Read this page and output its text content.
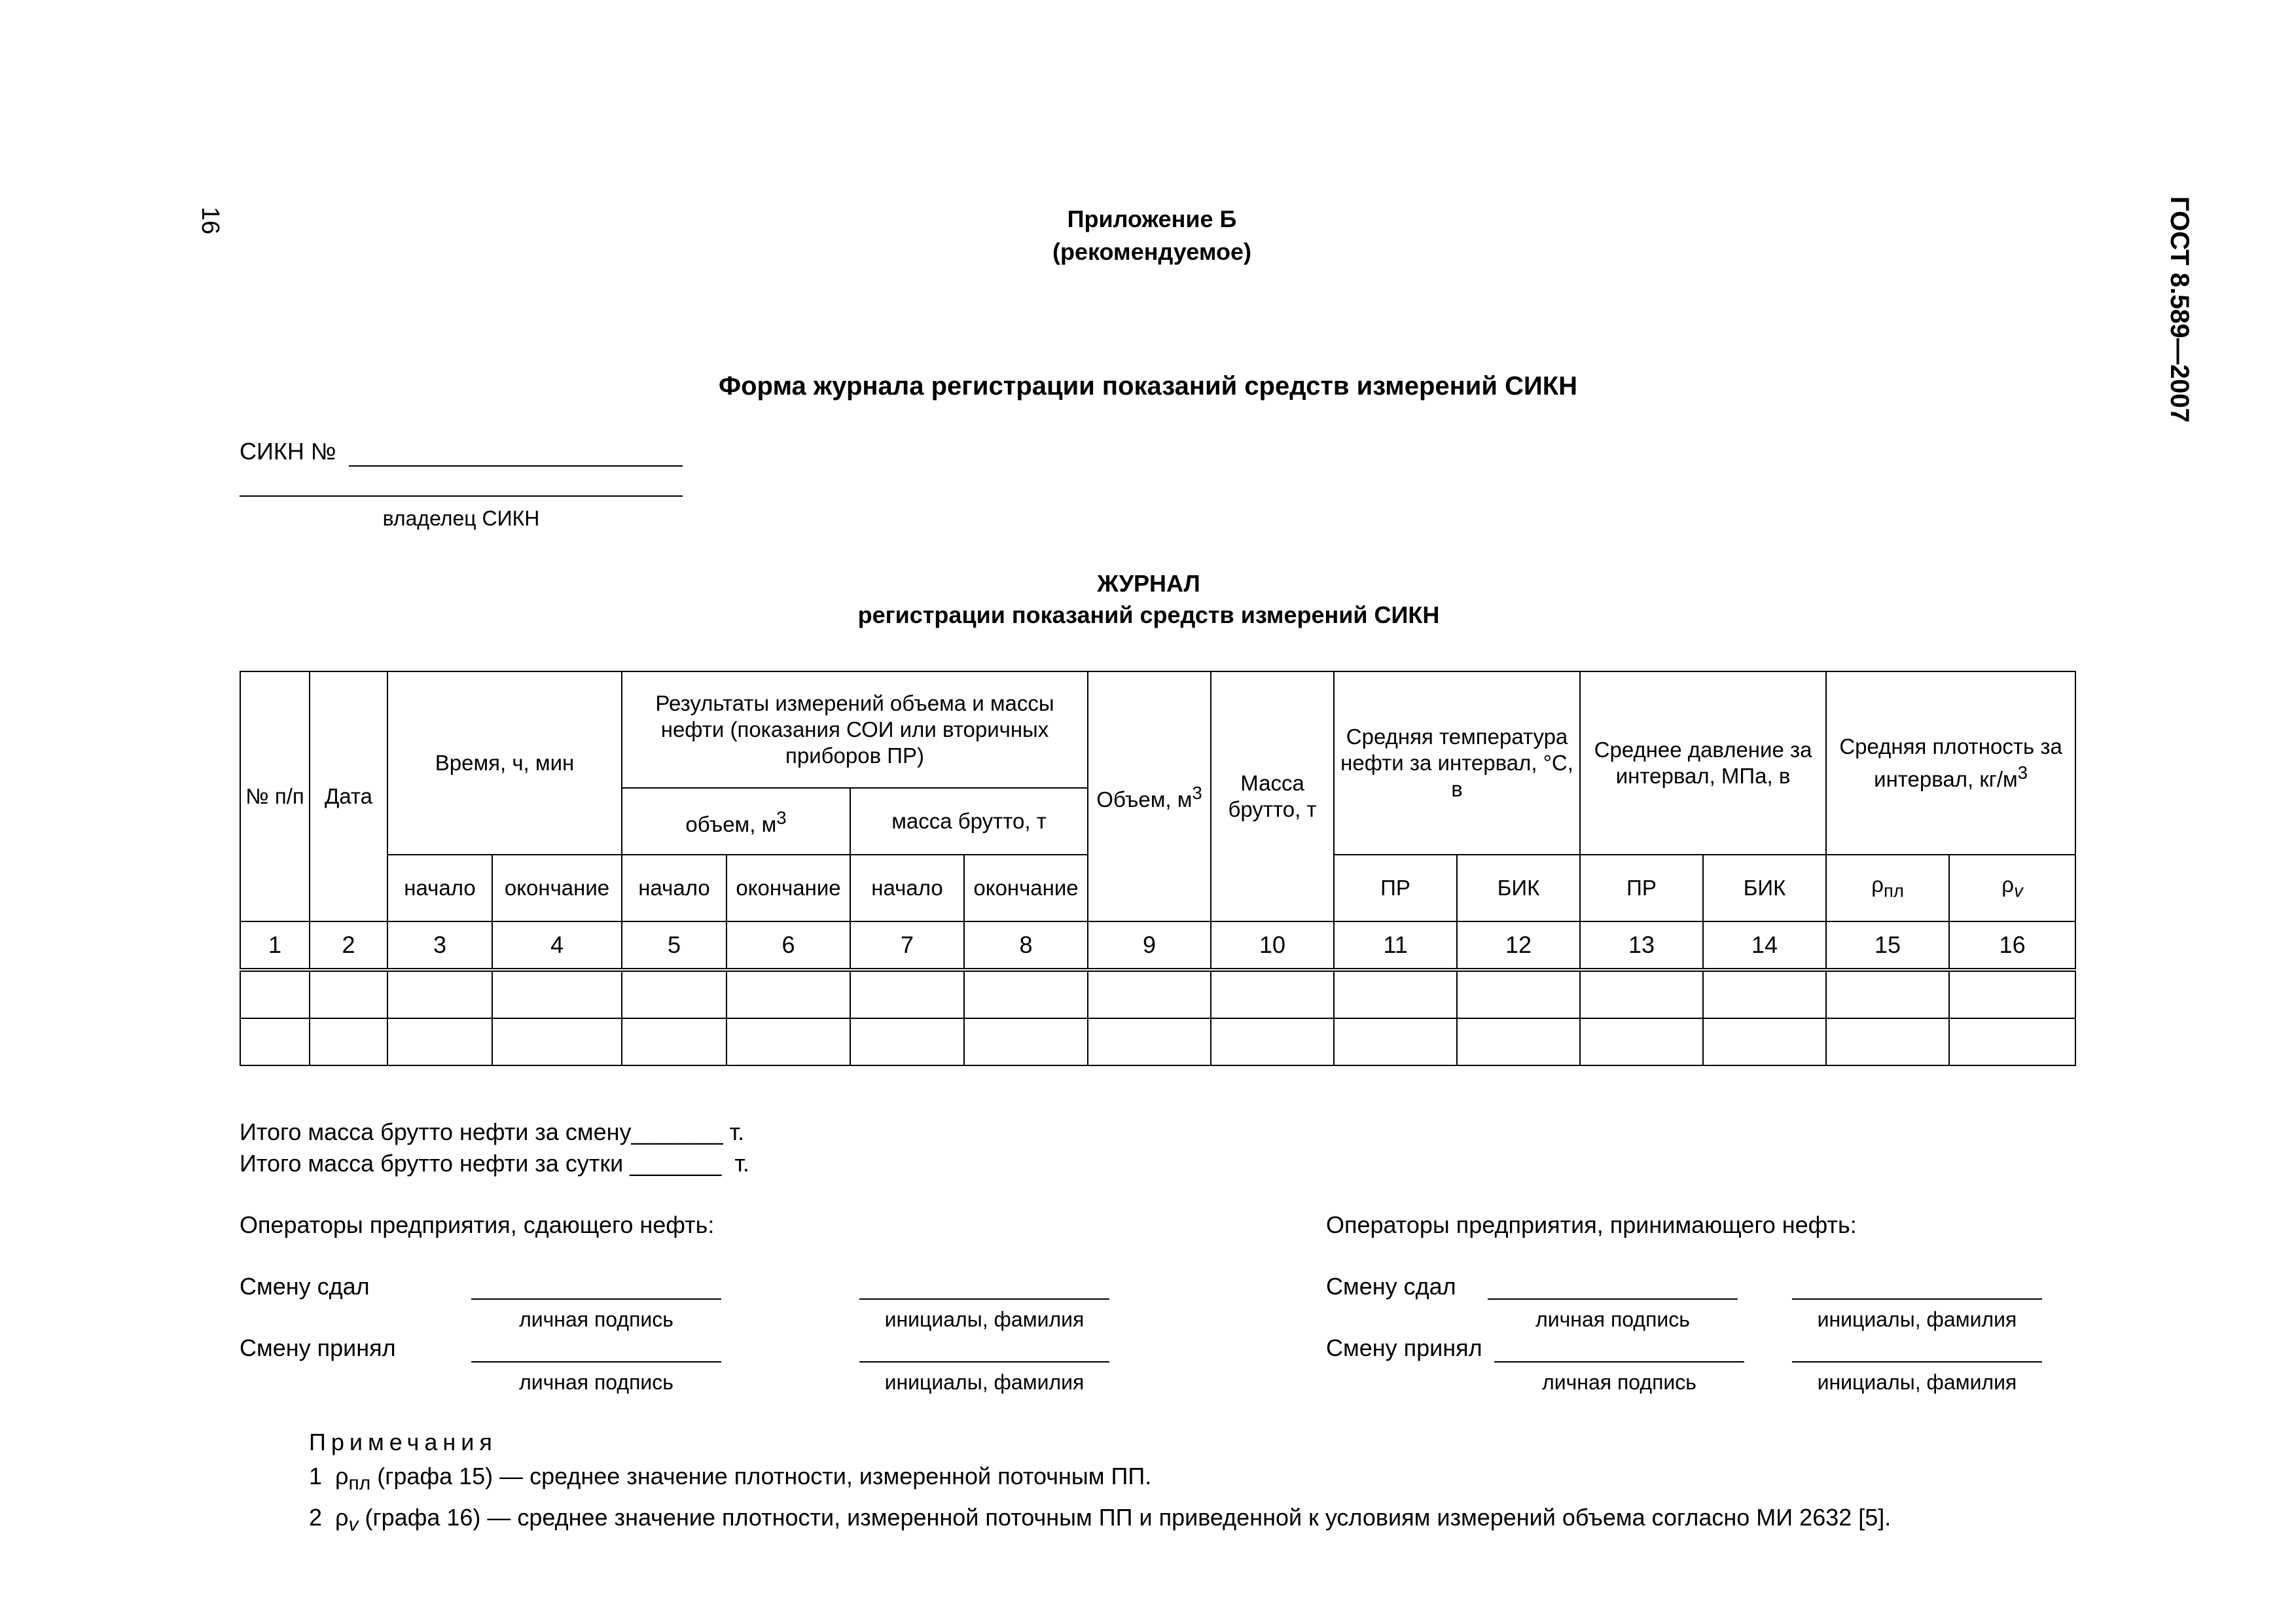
16	ГОСТ 8.589—2007
Приложение Б
(рекомендуемое)
Форма журнала регистрации показаний средств измерений СИКН
СИКН №
владелец СИКН
ЖУРНАЛ
регистрации показаний средств измерений СИКН
№ п/п	Дата	Время, ч, мин		Результаты измерений объема и массы нефти (показания СОИ или вторичных приборов ПР)				Объем, $м^3$	Масса брутто, т	Средняя температура нефти за интервал, °С, в		Среднее давление за интервал, МПа, в		Средняя плотность за интервал, $кг/м^3$
				объем, $м^3$		масса брутто, т									
		начало	окончание	начало	окончание	начало	окончание			ПР	БИК	ПР	БИК	$\rho_{пл}$	$\rho_v$
1	2	3	4	5	6	7	8	9	10	11	12	13	14	15	16

Итого масса брутто нефти за смену_______ т.
Итого масса брутто нефти за сутки _______ т.
Операторы предприятия, сдающего нефть:
Смену сдал
личная подпись	инициалы, фамилия
Смену принял
личная подпись	инициалы, фамилия
Операторы предприятия, принимающего нефть:
Смену сдал
личная подпись	инициалы, фамилия
Смену принял
личная подпись	инициалы, фамилия
Примечания
1 $\rho_{пл}$ (графа 15) — среднее значение плотности, измеренной поточным ПП.
2 $\rho_v$ (графа 16) — среднее значение плотности, измеренной поточным ПП и приведенной к условиям измерений объема согласно МИ 2632 [5].
